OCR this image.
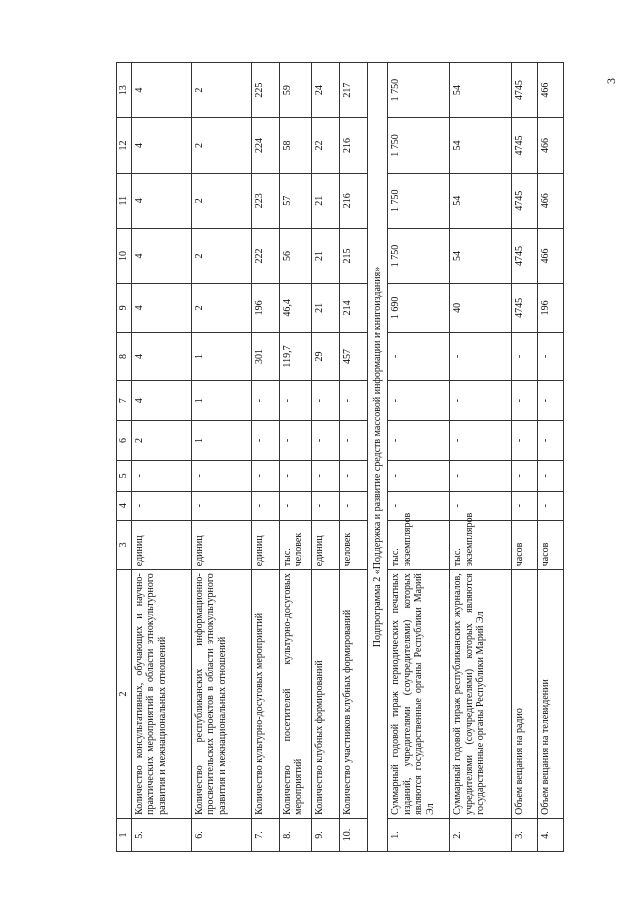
3
1	2	3	4	5	6	7	8	9	10	11	12	13
5.	Количество консультативных, обучающих и научно-практических мероприятий в области этнокультурного развития и межнациональных отношений	единиц	-	-	2	4	4	4	4	4	4	4
6.	Количество республиканских информационно-просветительских проектов в области этнокультурного развития и межнациональных отношений	единиц	-	-	1	1	1	2	2	2	2	2
7.	Количество культурно-досуговых мероприятий	единиц	-	-	-	-	301	196	222	223	224	225
8.	Количество посетителей культурно-досуговых мероприятий	тыс. человек	-	-	-	-	119,7	46,4	56	57	58	59
9.	Количество клубных формирований	единиц	-	-	-	-	29	21	21	21	22	24
10.	Количество участников клубных формирований	человек	-	-	-	-	457	214	215	216	216	217
Подпрограмма 2 «Поддержка и развитие средств массовой информации и книгоиздания»												
1.	Суммарный годовой тираж периодических печатных изданий, учредителями (соучредителями) которых являются государственные органы Республики Марий Эл	тыс. экземпляров	-	-	-	-	-	1 690	1 750	1 750	1 750	1 750
2.	Суммарный годовой тираж республиканских журналов, учредителями (соучредителями) которых являются государственные органы Республики Марий Эл	тыс. экземпляров	-	-	-	-	-	40	54	54	54	54
3.	Объем вещания на радио	часов	-	-	-	-	-	4745	4745	4745	4745	4745
4.	Объем вещания на телевидении	часов	-	-	-	-	-	196	466	466	466	466
